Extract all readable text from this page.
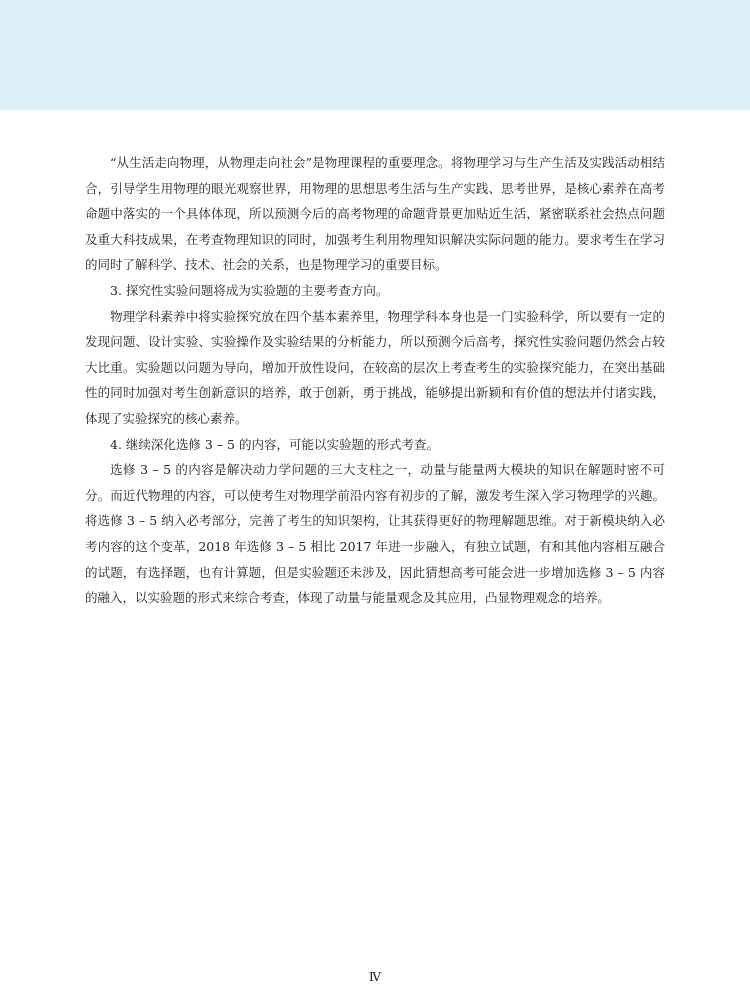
“从生活走向物理，从物理走向社会”是物理课程的重要理念。将物理学习与生产生活及实践活动相结合，引导学生用物理的眼光观察世界，用物理的思想思考生活与生产实践、思考世界，是核心素养在高考命题中落实的一个具体体现，所以预测今后的高考物理的命题背景更加贴近生活，紧密联系社会热点问题及重大科技成果，在考查物理知识的同时，加强考生利用物理知识解决实际问题的能力。要求考生在学习的同时了解科学、技术、社会的关系，也是物理学习的重要目标。

3. 探究性实验问题将成为实验题的主要考查方向。

物理学科素养中将实验探究放在四个基本素养里，物理学科本身也是一门实验科学，所以要有一定的发现问题、设计实验、实验操作及实验结果的分析能力，所以预测今后高考，探究性实验问题仍然会占较大比重。实验题以问题为导向，增加开放性设问，在较高的层次上考查考生的实验探究能力，在突出基础性的同时加强对考生创新意识的培养，敢于创新，勇于挑战，能够提出新颖和有价值的想法并付诸实践，体现了实验探究的核心素养。

4. 继续深化选修 3 – 5 的内容，可能以实验题的形式考查。

选修 3 – 5 的内容是解决动力学问题的三大支柱之一，动量与能量两大模块的知识在解题时密不可分。而近代物理的内容，可以使考生对物理学前沿内容有初步的了解，激发考生深入学习物理学的兴趣。将选修 3 – 5 纳入必考部分，完善了考生的知识架构，让其获得更好的物理解题思维。对于新模块纳入必考内容的这个变革，2018 年选修 3 – 5 相比 2017 年进一步融入，有独立试题，有和其他内容相互融合的试题，有选择题，也有计算题，但是实验题还未涉及，因此猜想高考可能会进一步增加选修 3 – 5 内容的融入，以实验题的形式来综合考查，体现了动量与能量观念及其应用，凸显物理观念的培养。

Ⅳ
